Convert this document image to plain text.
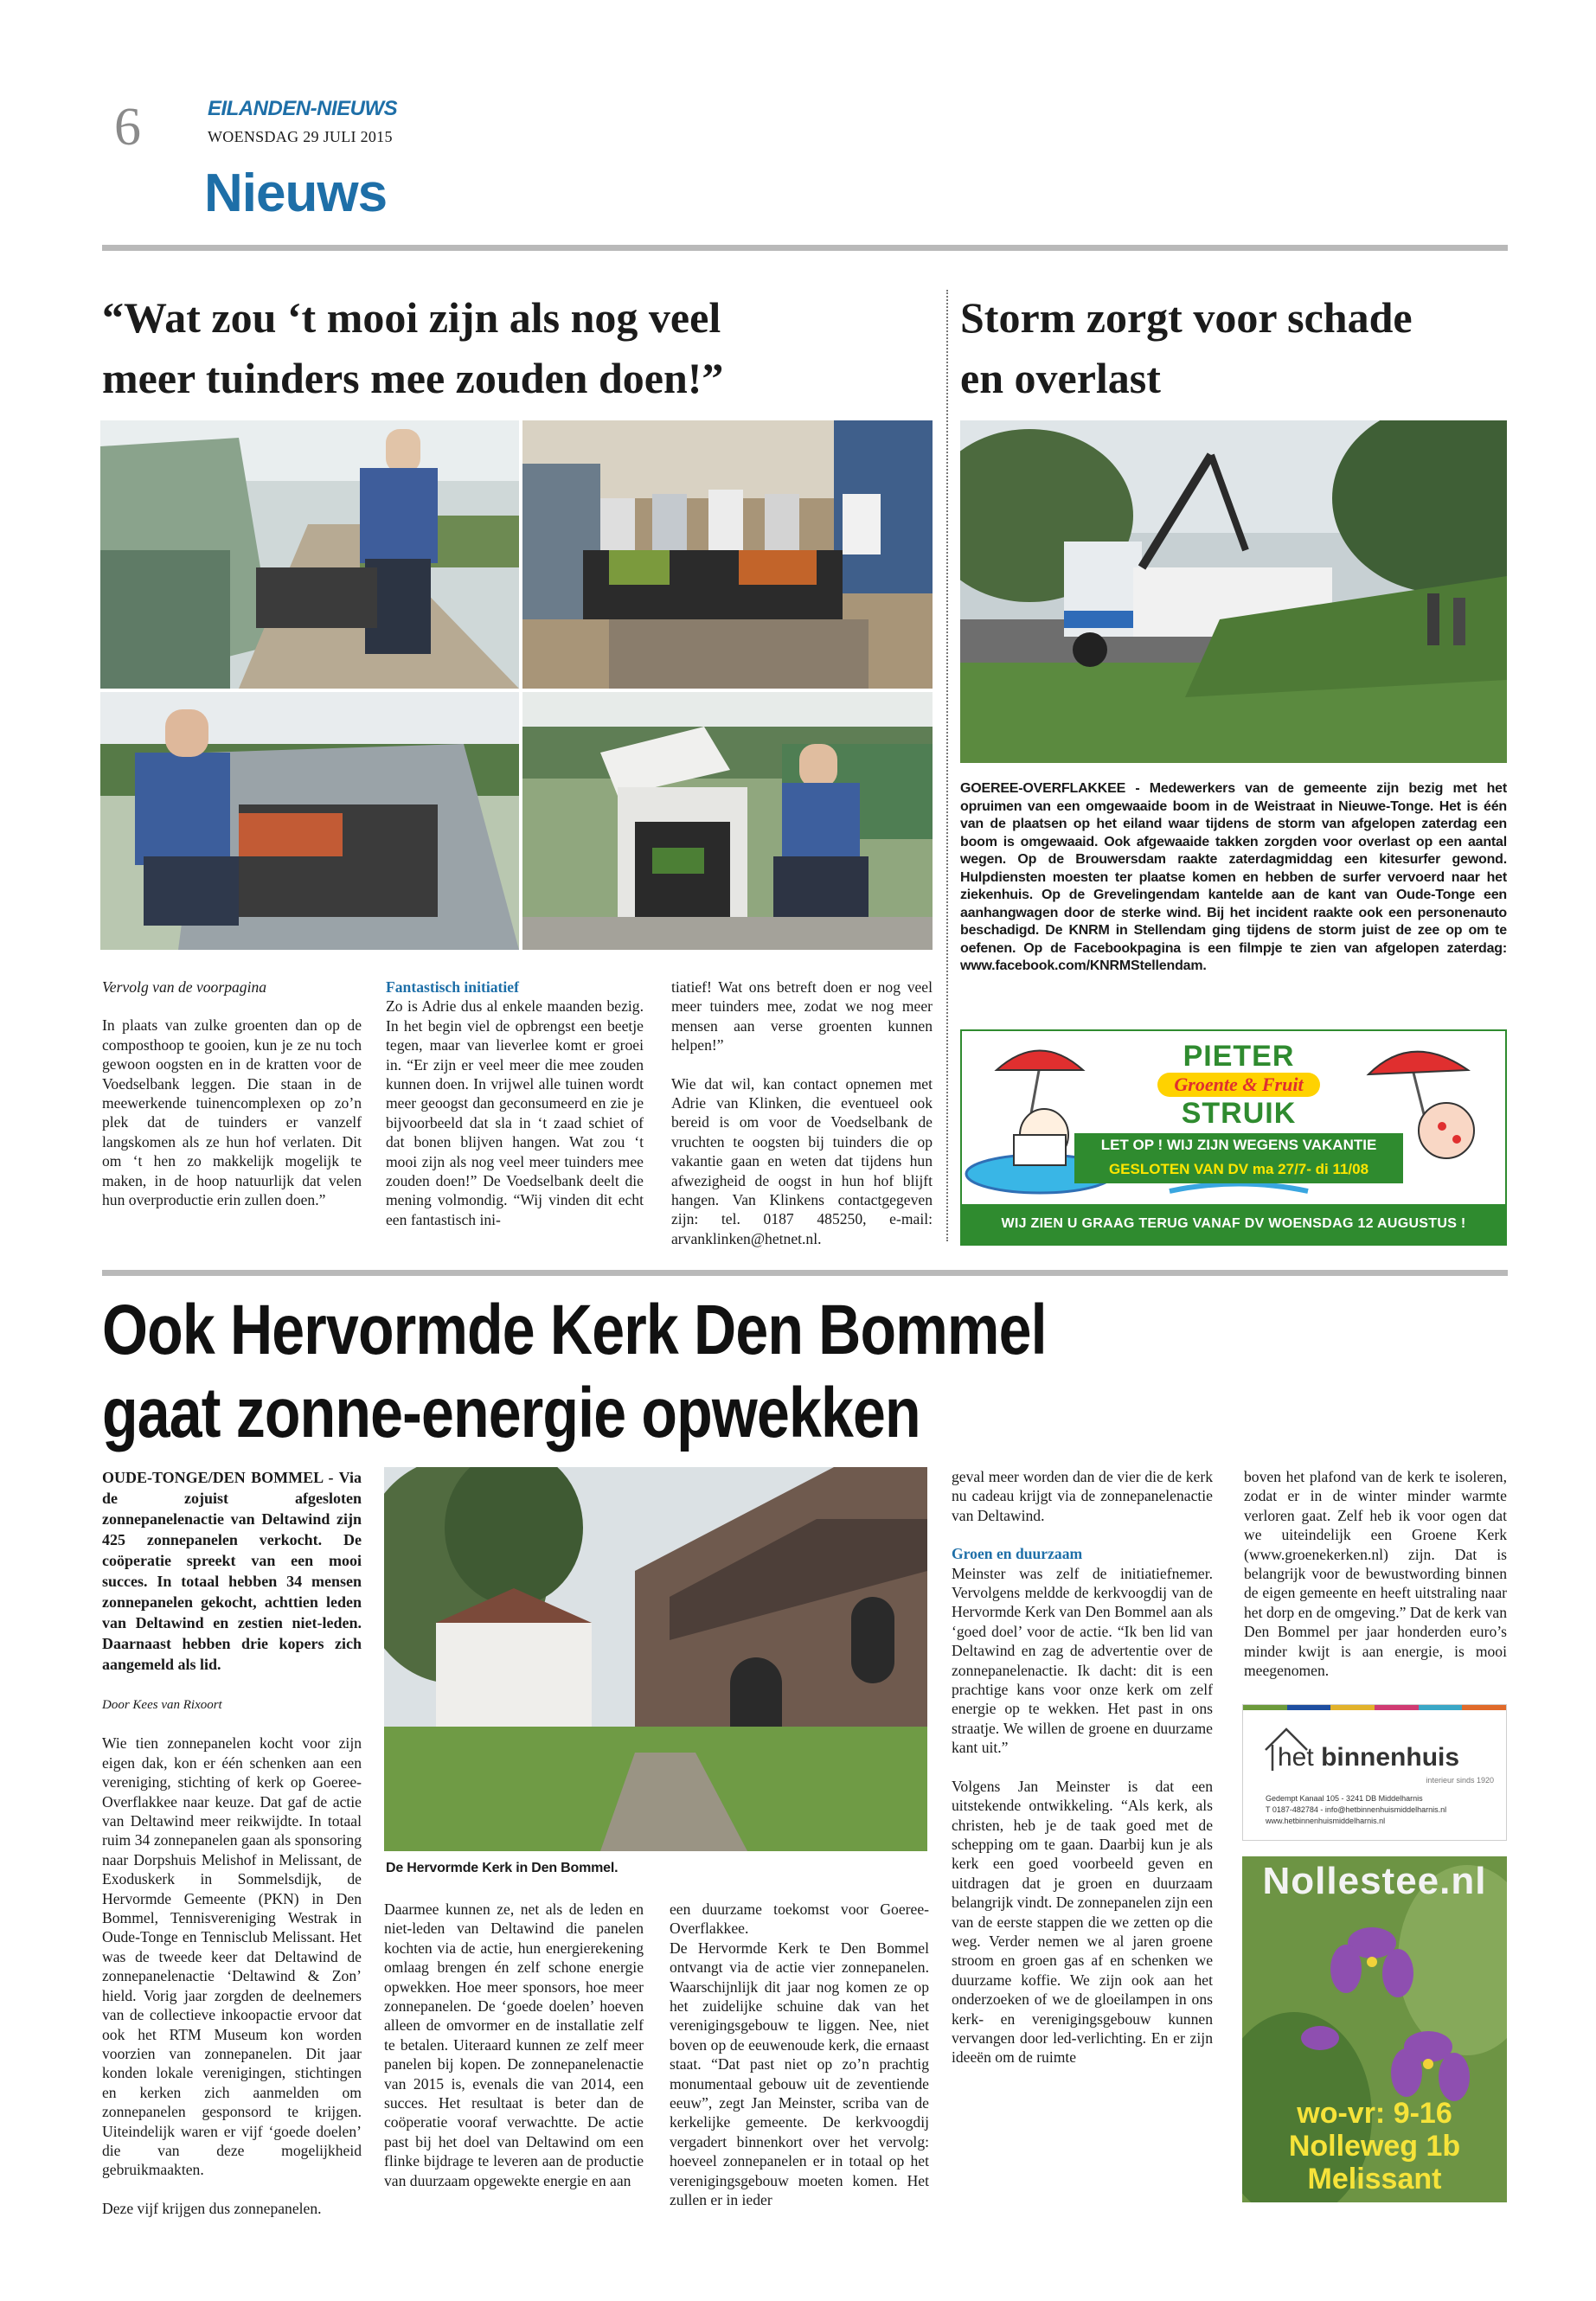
6	EILANDEN-NIEUWS
WOENSDAG 29 JULI 2015
Nieuws
“Wat zou ‘t mooi zijn als nog veel
meer tuinders mee zouden doen!”

Vervolg van de voorpagina

In plaats van zulke groenten dan op de composthoop te gooien, kun je ze nu toch gewoon oogsten en in de kratten voor de Voedselbank leggen. Die staan in de meewerkende tuinencomplexen op zo’n plek dat de tuinders er vanzelf langskomen als ze hun hof verlaten. Dit om ‘t hen zo makkelijk mogelijk te maken, in de hoop natuurlijk dat velen hun overproductie erin zullen doen.”

Fantastisch initiatief

Zo is Adrie dus al enkele maanden bezig. In het begin viel de opbrengst een beetje tegen, maar van lieverlee komt er groei in. “Er zijn er veel meer die mee zouden kunnen doen. In vrijwel alle tuinen wordt meer geoogst dan geconsumeerd en zie je bijvoorbeeld dat sla in ‘t zaad schiet of dat bonen blijven hangen. Wat zou ‘t mooi zijn als nog veel meer tuinders mee zouden doen!” De Voedselbank deelt die mening volmondig. “Wij vinden dit echt een fantastisch ini-

tiatief! Wat ons betreft doen er nog veel meer tuinders mee, zodat we nog meer mensen aan verse groenten kunnen helpen!”

Wie dat wil, kan contact opnemen met Adrie van Klinken, die eventueel ook bereid is om voor de Voedselbank de vruchten te oogsten bij tuinders die op vakantie gaan en weten dat tijdens hun afwezigheid de oogst in hun hof blijft hangen. Van Klinkens contactgegeven zijn: tel. 0187 485250, e-mail: arvanklinken@hetnet.nl.

Storm zorgt voor schade
en overlast
GOEREE-OVERFLAKKEE - Medewerkers van de gemeente zijn bezig met het opruimen van een omgewaaide boom in de Weistraat in Nieuwe-Tonge. Het is één van de plaatsen op het eiland waar tijdens de storm van afgelopen zaterdag een boom is omgewaaid. Ook afgewaaide takken zorgden voor overlast op een aantal wegen. Op de Brouwersdam raakte zaterdagmiddag een kitesurfer gewond. Hulpdiensten moesten ter plaatse komen en hebben de surfer vervoerd naar het ziekenhuis. Op de Grevelingendam kantelde aan de kant van Oude-Tonge een aanhangwagen door de sterke wind. Bij het incident raakte ook een personenauto beschadigd. De KNRM in Stellendam ging tijdens de storm juist de zee op om te oefenen. Op de Facebookpagina is een filmpje te zien van afgelopen zaterdag: www.facebook.com/KNRMStellendam.
PIETER
Groente & Fruit
STRUIK
LET OP ! WIJ ZIJN WEGENS VAKANTIE
GESLOTEN VAN DV ma 27/7- di 11/08
WIJ ZIEN U GRAAG TERUG VANAF DV WOENSDAG 12 AUGUSTUS !
Ook Hervormde Kerk Den Bommel
gaat zonne-energie opwekken
OUDE-TONGE/DEN BOMMEL - Via de zojuist afgesloten zonnepanelenactie van Deltawind zijn 425 zonnepanelen verkocht. De coöperatie spreekt van een mooi succes. In totaal hebben 34 mensen zonnepanelen gekocht, achttien leden van Deltawind en zestien niet-leden. Daarnaast hebben drie kopers zich aangemeld als lid.

Door Kees van Rixoort

Wie tien zonnepanelen kocht voor zijn eigen dak, kon er één schenken aan een vereniging, stichting of kerk op Goeree-Overflakkee naar keuze. Dat gaf de actie van Deltawind meer reikwijdte. In totaal ruim 34 zonnepanelen gaan als sponsoring naar Dorpshuis Melishof in Melissant, de Exoduskerk in Sommelsdijk, de Hervormde Gemeente (PKN) in Den Bommel, Tennisvereniging Westrak in Oude-Tonge en Tennisclub Melissant. Het was de tweede keer dat Deltawind de zonnepanelenactie ‘Deltawind & Zon’ hield. Vorig jaar zorgden de deelnemers van de collectieve inkoopactie ervoor dat ook het RTM Museum kon worden voorzien van zonnepanelen. Dit jaar konden lokale verenigingen, stichtingen en kerken zich aanmelden om zonnepanelen gesponsord te krijgen. Uiteindelijk waren er vijf ‘goede doelen’ die van deze mogelijkheid gebruikmaakten.

Deze vijf krijgen dus zonnepanelen.

De Hervormde Kerk in Den Bommel.

Daarmee kunnen ze, net als de leden en niet-leden van Deltawind die panelen kochten via de actie, hun energierekening omlaag brengen én zelf schone energie opwekken. Hoe meer sponsors, hoe meer zonnepanelen. De ‘goede doelen’ hoeven alleen de omvormer en de installatie zelf te betalen. Uiteraard kunnen ze zelf meer panelen bij kopen. De zonnepanelenactie van 2015 is, evenals die van 2014, een succes. Het resultaat is beter dan de coöperatie vooraf verwachtte. De actie past bij het doel van Deltawind om een flinke bijdrage te leveren aan de productie van duurzaam opgewekte energie en aan

een duurzame toekomst voor Goeree-Overflakkee.

De Hervormde Kerk te Den Bommel ontvangt via de actie vier zonnepanelen. Waarschijnlijk dit jaar nog komen ze op het zuidelijke schuine dak van het verenigingsgebouw te liggen. Nee, niet boven op de eeuwenoude kerk, die ernaast staat. “Dat past niet op zo’n prachtig monumentaal gebouw uit de zeventiende eeuw”, zegt Jan Meinster, scriba van de kerkelijke gemeente. De kerkvoogdij vergadert binnenkort over het vervolg: hoeveel zonnepanelen er in totaal op het verenigingsgebouw moeten komen. Het zullen er in ieder

geval meer worden dan de vier die de kerk nu cadeau krijgt via de zonnepanelenactie van Deltawind.

Groen en duurzaam

Meinster was zelf de initiatiefnemer. Vervolgens meldde de kerkvoogdij van de Hervormde Kerk van Den Bommel aan als ‘goed doel’ voor de actie. “Ik ben lid van Deltawind en zag de advertentie over de zonnepanelenactie. Ik dacht: dit is een prachtige kans voor onze kerk om zelf energie op te wekken. Het past in ons straatje. We willen de groene en duurzame kant uit.”

Volgens Jan Meinster is dat een uitstekende ontwikkeling. “Als kerk, als christen, heb je de taak goed met de schepping om te gaan. Daarbij kun je als kerk een goed voorbeeld geven en uitdragen dat je groen en duurzaam belangrijk vindt. De zonnepanelen zijn een van de eerste stappen die we zetten op die weg. Verder nemen we al jaren groene stroom en groen gas af en schenken we duurzame koffie. We zijn ook aan het onderzoeken of we de gloeilampen in ons kerk- en verenigingsgebouw kunnen vervangen door led-verlichting. En er zijn ideeën om de ruimte

boven het plafond van de kerk te isoleren, zodat er in de winter minder warmte verloren gaat. Zelf heb ik voor ogen dat we uiteindelijk een Groene Kerk (www.groenekerken.nl) zijn. Dat is belangrijk voor de bewustwording binnen de eigen gemeente en heeft uitstraling naar het dorp en de omgeving.” Dat de kerk van Den Bommel per jaar honderden euro’s minder kwijt is aan energie, is mooi meegenomen.

het binnenhuis
interieur sinds 1920
Gedempt Kanaal 105 - 3241 DB Middelharnis
T 0187-482784 - info@hetbinnenhuismiddelharnis.nl
www.hetbinnenhuismiddelharnis.nl
Nollestee.nl
wo-vr: 9-16
Nolleweg 1b
Melissant
